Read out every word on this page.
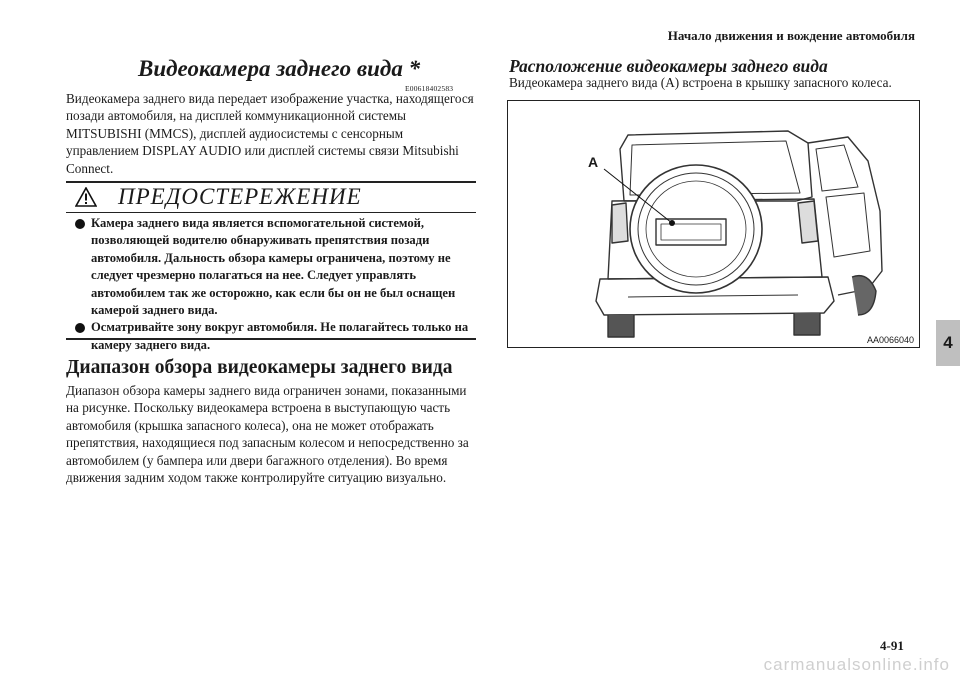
Начало движения и вождение автомобиля
Видеокамера заднего вида *
E00618402583
Видеокамера заднего вида передает изображение участка, находящегося позади автомобиля, на дисплей коммуникационной системы MITSUBISHI (MMCS), дисплей аудиосистемы с сенсорным управлением DISPLAY AUDIO или дисплей системы связи Mitsubishi Connect.
ПРЕДОСТЕРЕЖЕНИЕ
Камера заднего вида является вспомогательной системой, позволяющей водителю обнаруживать препятствия позади автомобиля. Дальность обзора камеры ограничена, поэтому не следует чрезмерно полагаться на нее. Следует управлять автомобилем так же осторожно, как если бы он не был оснащен камерой заднего вида.
Осматривайте зону вокруг автомобиля. Не полагайтесь только на камеру заднего вида.
Диапазон обзора видеокамеры заднего вида
Диапазон обзора камеры заднего вида ограничен зонами, показанными на рисунке. Поскольку видеокамера встроена в выступающую часть автомобиля (крышка запасного колеса), она не может отображать препятствия, находящиеся под запасным колесом и непосредственно за автомобилем (у бампера или двери багажного отделения). Во время движения задним ходом также контролируйте ситуацию визуально.
Расположение видеокамеры заднего вида
Видеокамера заднего вида (A) встроена в крышку запасного колеса.
A
AA0066040	4
4-91
carmanualsonline.info
